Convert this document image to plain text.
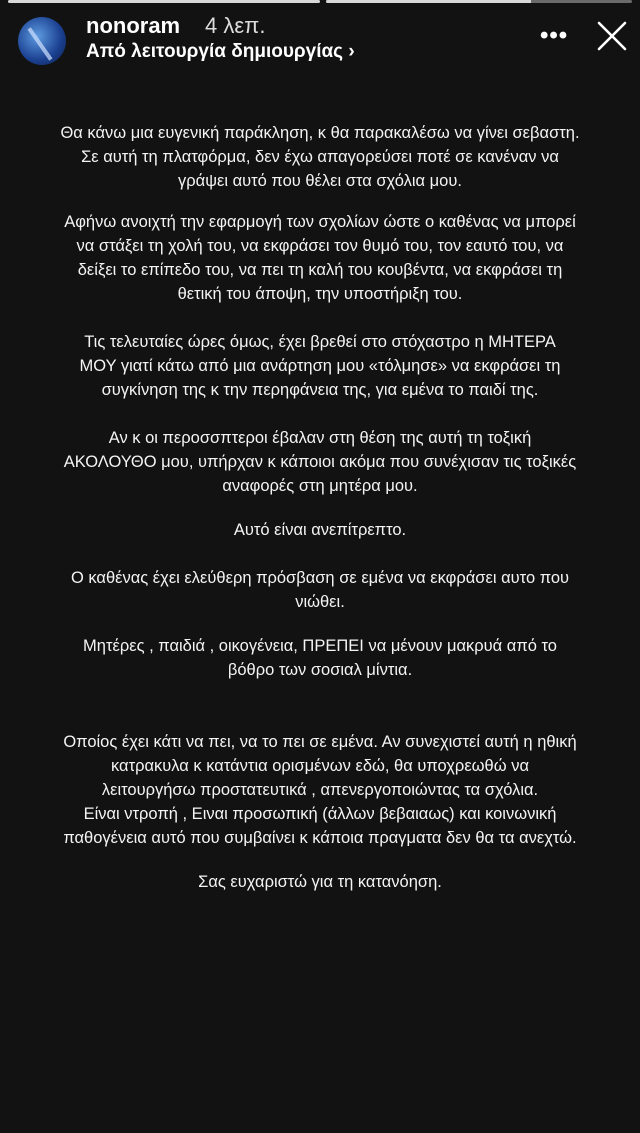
nonoram 4 λεπ.
Από λειτουργία δημιουργίας ›
•••
Θα κάνω μια ευγενική παράκληση, κ θα παρακαλέσω να γίνει σεβαστη.
Σε αυτή τη πλατφόρμα, δεν έχω απαγορεύσει ποτέ σε κανέναν να
γράψει αυτό που θέλει στα σχόλια μου.
Αφήνω ανοιχτή την εφαρμογή των σχολίων ώστε ο καθένας να μπορεί
να στάξει τη χολή του, να εκφράσει τον θυμό του, τον εαυτό του, να
δείξει το επίπεδο του, να πει τη καλή του κουβέντα, να εκφράσει τη
θετική του άποψη, την υποστήριξη του.
Τις τελευταίες ώρες όμως, έχει βρεθεί στο στόχαστρο η ΜΗΤΕΡΑ
ΜΟΥ γιατί κάτω από μια ανάρτηση μου «τόλμησε» να εκφράσει τη
συγκίνηση της κ την περηφάνεια της, για εμένα το παιδί της.
Αν κ οι περοσσπτεροι έβαλαν στη θέση της αυτή τη τοξική
ΑΚΟΛΟΥΘΟ μου, υπήρχαν κ κάποιοι ακόμα που συνέχισαν τις τοξικές
αναφορές στη μητέρα μου.
Αυτό είναι ανεπίτρεπτο.
Ο καθένας έχει ελεύθερη πρόσβαση σε εμένα να εκφράσει αυτο που
νιώθει.
Μητέρες , παιδιά , οικογένεια, ΠΡΕΠΕΙ να μένουν μακρυά από το
βόθρο των σοσιαλ μίντια.
Οποίος έχει κάτι να πει, να το πει σε εμένα. Αν συνεχιστεί αυτή η ηθική
κατρακυλα κ κατάντια ορισμένων εδώ, θα υποχρεωθώ να
λειτουργήσω προστατευτικά , απενεργοποιώντας τα σχόλια.
Είναι ντροπή , Ειναι προσωπική (άλλων βεβαιαως) και κοινωνική
παθογένεια αυτό που συμβαίνει κ κάποια πραγματα δεν θα τα ανεχτώ.
Σας ευχαριστώ για τη κατανόηση.
